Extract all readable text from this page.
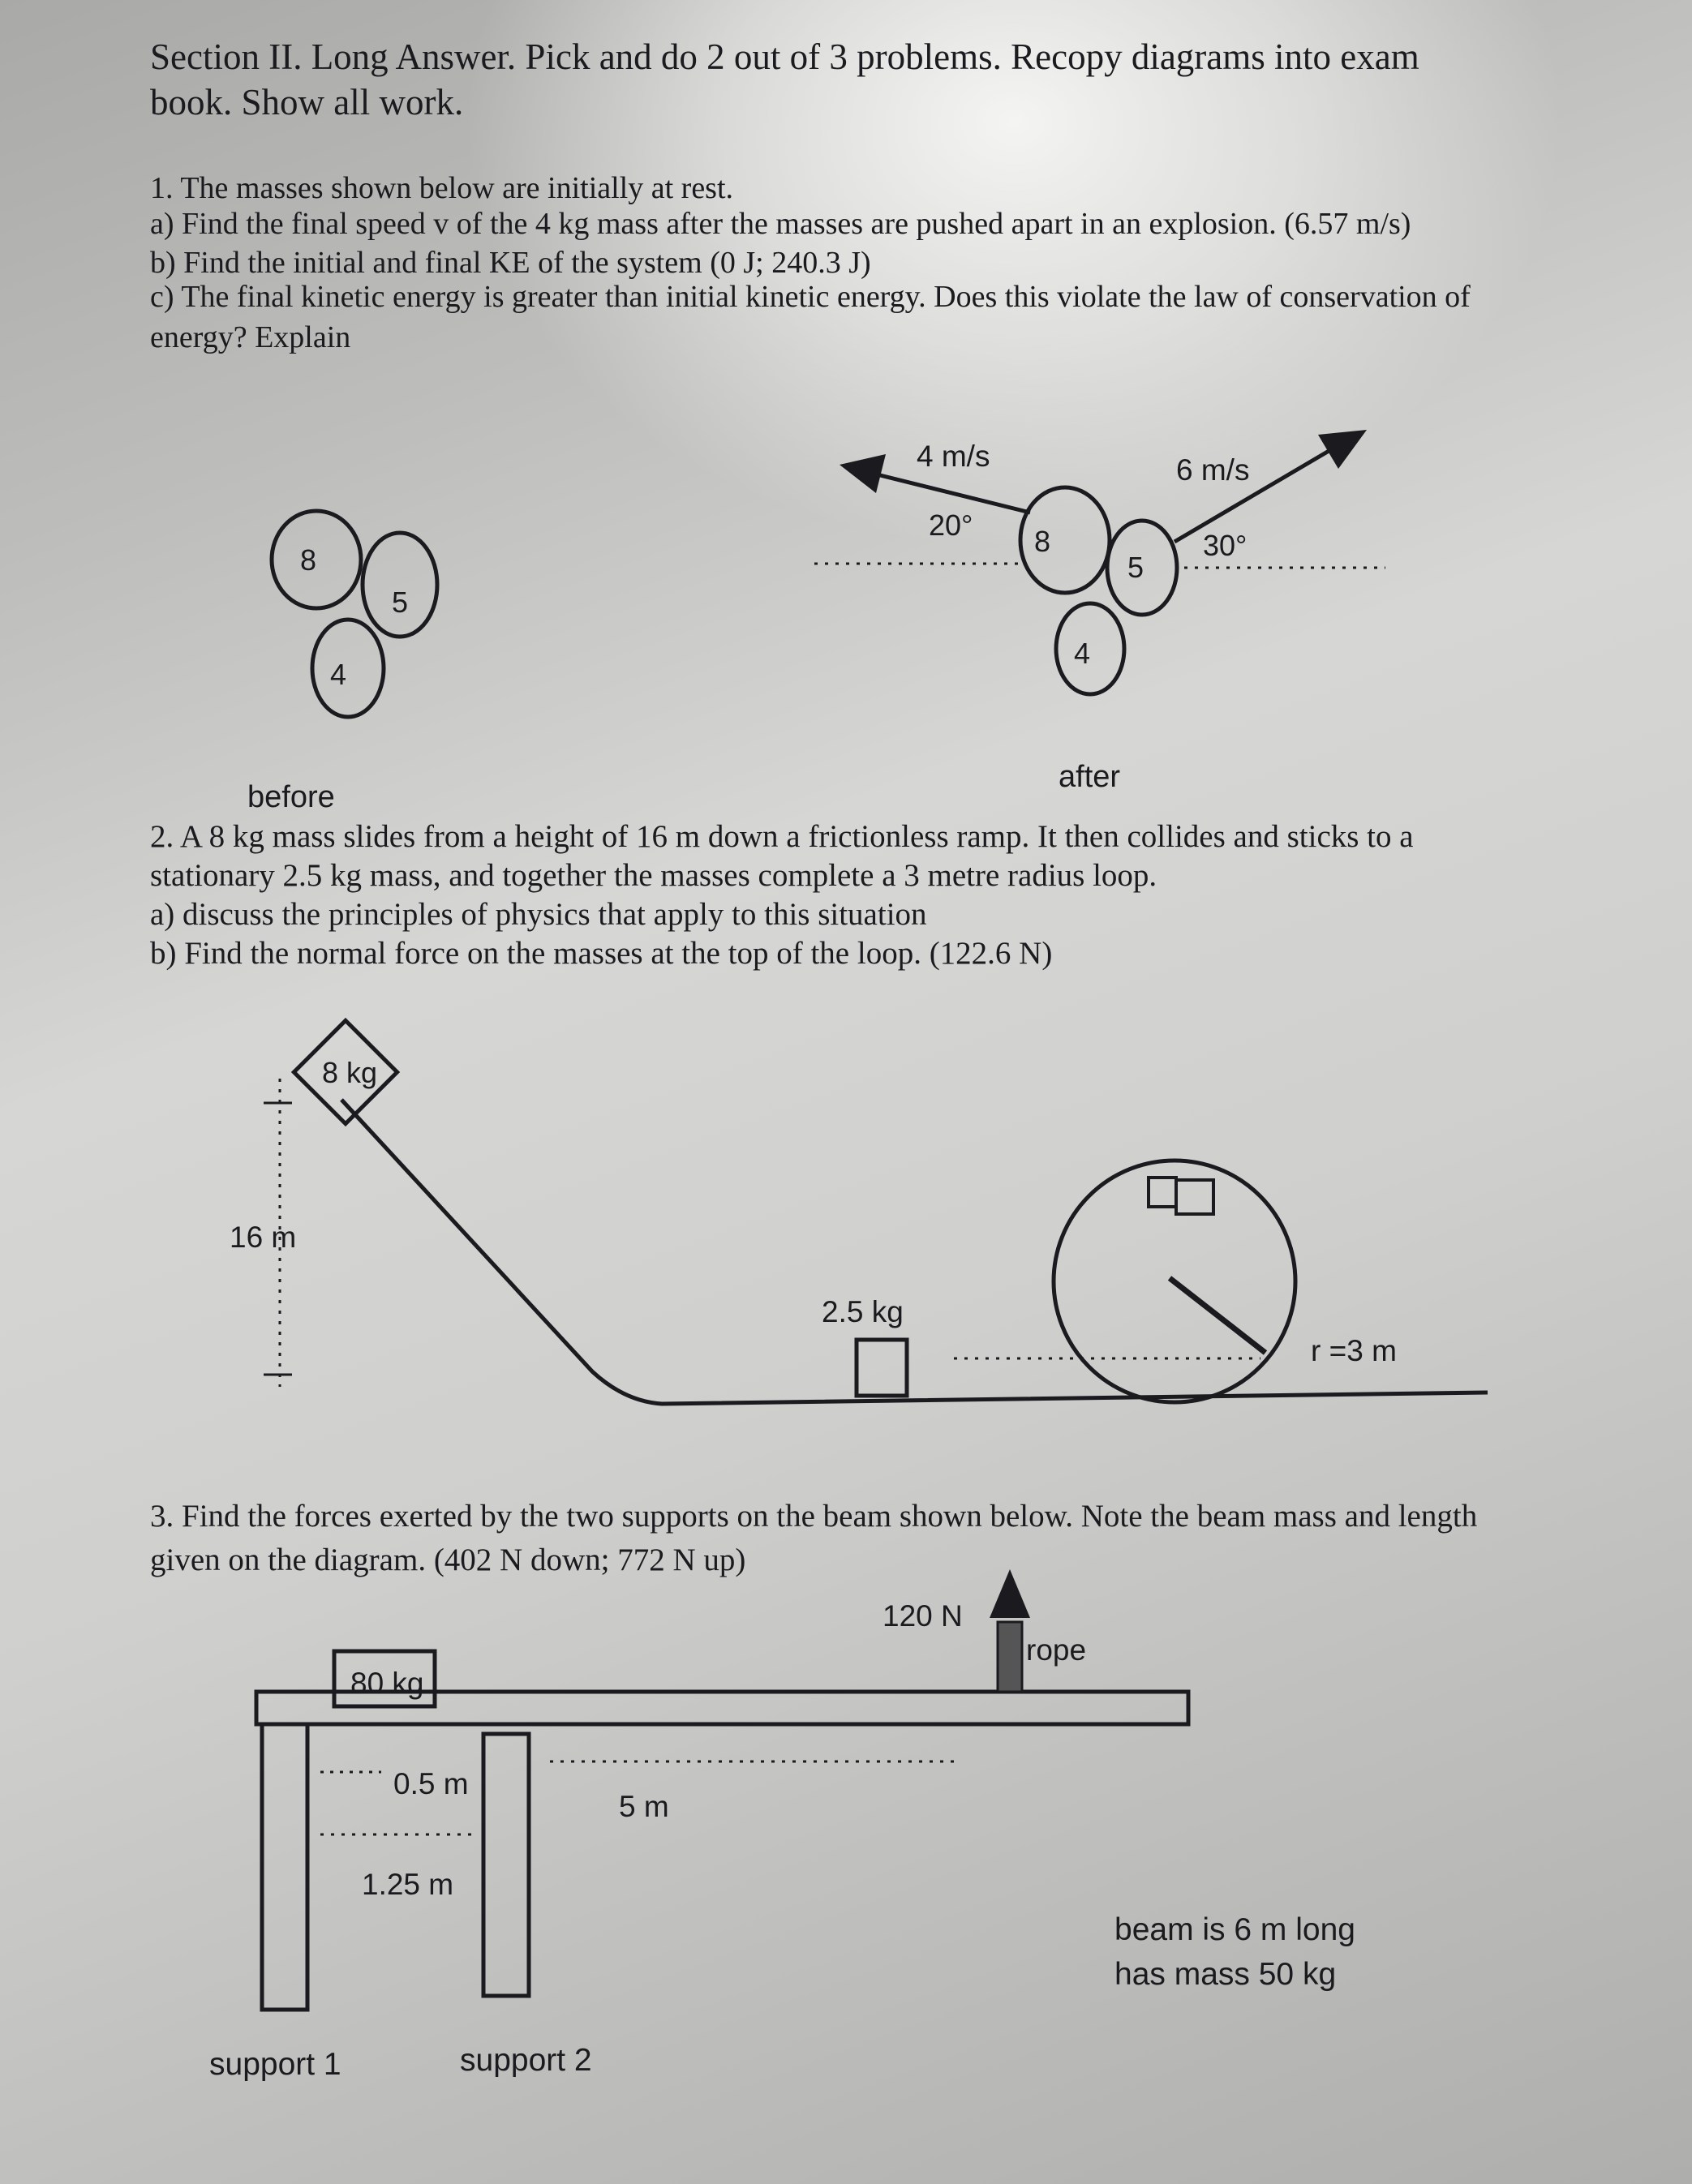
Section II. Long Answer. Pick and do 2 out of 3 problems. Recopy diagrams into exam
book. Show all work.
1. The masses shown below are initially at rest.
a) Find the final speed v of the 4 kg mass after the masses are pushed apart in an explosion. (6.57 m/s)
b) Find the initial and final KE of the system (0 J; 240.3 J)
c) The final kinetic energy is greater than initial kinetic energy. Does this violate the law of conservation of
energy? Explain
2. A 8 kg mass slides from a height of 16 m down a frictionless ramp. It then collides and sticks to a
stationary 2.5 kg mass, and together the masses complete a 3 metre radius loop.
a) discuss the principles of physics that apply to this situation
b) Find the normal force on the masses at the top of the loop. (122.6 N)
3. Find the forces exerted by the two supports on the beam shown below. Note the beam mass and length
given on the diagram. (402 N down; 772 N up)
8
5
4
before
8
5
4
4 m/s	6 m/s
20°
30°
after
8 kg
16 m
2.5 kg
r =3 m
80 kg
120 N
rope
0.5 m
5 m
1.25 m
beam is 6 m long
has mass 50 kg
support 1	support 2
